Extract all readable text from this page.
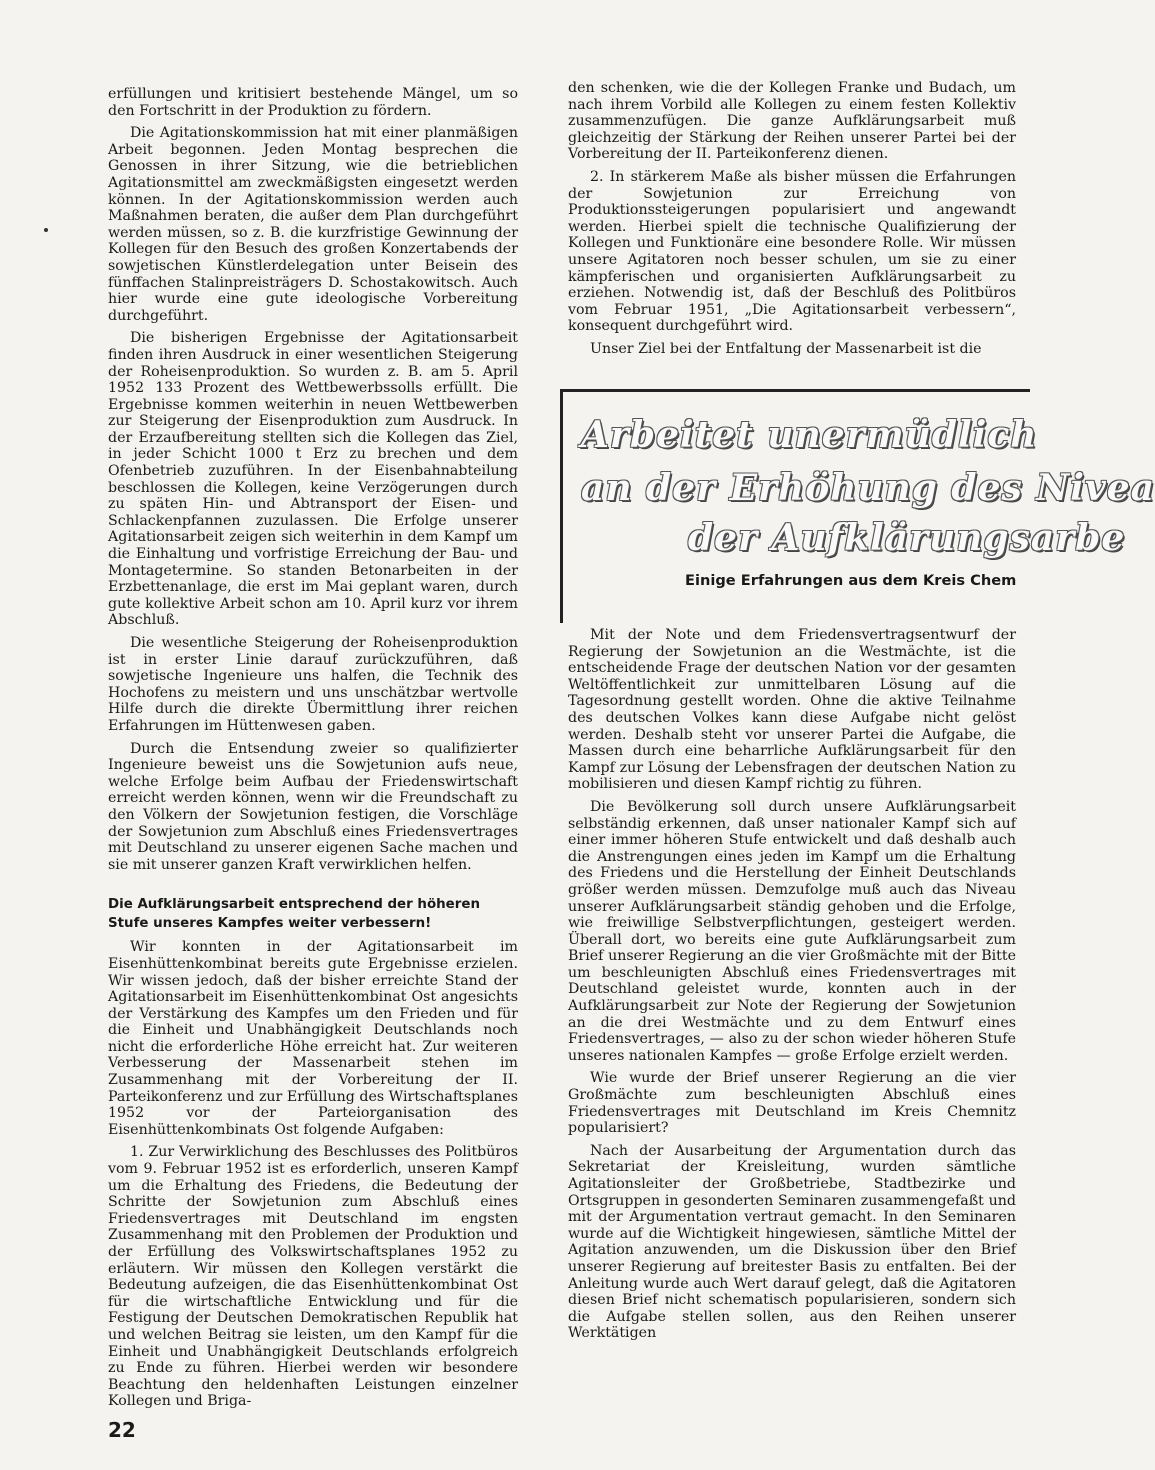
erfüllungen und kritisiert bestehende Mängel, um so den Fortschritt in der Produktion zu fördern.

Die Agitationskommission hat mit einer planmäßigen Arbeit begonnen. Jeden Montag besprechen die Genossen in ihrer Sitzung, wie die betrieblichen Agitationsmittel am zweckmäßigsten eingesetzt werden können. In der Agitationskommission werden auch Maßnahmen beraten, die außer dem Plan durchgeführt werden müssen, so z. B. die kurzfristige Gewinnung der Kollegen für den Besuch des großen Konzertabends der sowjetischen Künstlerdelegation unter Beisein des fünffachen Stalinpreisträgers D. Schostakowitsch. Auch hier wurde eine gute ideologische Vorbereitung durchgeführt.

Die bisherigen Ergebnisse der Agitationsarbeit finden ihren Ausdruck in einer wesentlichen Steigerung der Roheisenproduktion. So wurden z. B. am 5. April 1952 133 Prozent des Wettbewerbssolls erfüllt. Die Ergebnisse kommen weiterhin in neuen Wettbewerben zur Steigerung der Eisenproduktion zum Ausdruck. In der Erzaufbereitung stellten sich die Kollegen das Ziel, in jeder Schicht 1000 t Erz zu brechen und dem Ofenbetrieb zuzuführen. In der Eisenbahnabteilung beschlossen die Kollegen, keine Verzögerungen durch zu späten Hin- und Abtransport der Eisen- und Schlackenpfannen zuzulassen. Die Erfolge unserer Agitationsarbeit zeigen sich weiterhin in dem Kampf um die Einhaltung und vorfristige Erreichung der Bau- und Montagetermine. So standen Betonarbeiten in der Erzbettenanlage, die erst im Mai geplant waren, durch gute kollektive Arbeit schon am 10. April kurz vor ihrem Abschluß.

Die wesentliche Steigerung der Roheisenproduktion ist in erster Linie darauf zurückzuführen, daß sowjetische Ingenieure uns halfen, die Technik des Hochofens zu meistern und uns unschätzbar wertvolle Hilfe durch die direkte Übermittlung ihrer reichen Erfahrungen im Hüttenwesen gaben.

Durch die Entsendung zweier so qualifizierter Ingenieure beweist uns die Sowjetunion aufs neue, welche Erfolge beim Aufbau der Friedenswirtschaft erreicht werden können, wenn wir die Freundschaft zu den Völkern der Sowjetunion festigen, die Vorschläge der Sowjetunion zum Abschluß eines Friedensvertrages mit Deutschland zu unserer eigenen Sache machen und sie mit unserer ganzen Kraft verwirklichen helfen.

Die Aufklärungsarbeit entsprechend der höheren Stufe unseres Kampfes weiter verbessern!

Wir konnten in der Agitationsarbeit im Eisenhüttenkombinat bereits gute Ergebnisse erzielen. Wir wissen jedoch, daß der bisher erreichte Stand der Agitationsarbeit im Eisenhüttenkombinat Ost angesichts der Verstärkung des Kampfes um den Frieden und für die Einheit und Unabhängigkeit Deutschlands noch nicht die erforderliche Höhe erreicht hat. Zur weiteren Verbesserung der Massenarbeit stehen im Zusammenhang mit der Vorbereitung der II. Parteikonferenz und zur Erfüllung des Wirtschaftsplanes 1952 vor der Parteiorganisation des Eisenhüttenkombinats Ost folgende Aufgaben:

1. Zur Verwirklichung des Beschlusses des Politbüros vom 9. Februar 1952 ist es erforderlich, unseren Kampf um die Erhaltung des Friedens, die Bedeutung der Schritte der Sowjetunion zum Abschluß eines Friedensvertrages mit Deutschland im engsten Zusammenhang mit den Problemen der Produktion und der Erfüllung des Volkswirtschaftsplanes 1952 zu erläutern. Wir müssen den Kollegen verstärkt die Bedeutung aufzeigen, die das Eisenhüttenkombinat Ost für die wirtschaftliche Entwicklung und für die Festigung der Deutschen Demokratischen Republik hat und welchen Beitrag sie leisten, um den Kampf für die Einheit und Unabhängigkeit Deutschlands erfolgreich zu Ende zu führen. Hierbei werden wir besondere Beachtung den heldenhaften Leistungen einzelner Kollegen und Briga-

den schenken, wie die der Kollegen Franke und Budach, um nach ihrem Vorbild alle Kollegen zu einem festen Kollektiv zusammenzufügen. Die ganze Aufklärungsarbeit muß gleichzeitig der Stärkung der Reihen unserer Partei bei der Vorbereitung der II. Parteikonferenz dienen.

2. In stärkerem Maße als bisher müssen die Erfahrungen der Sowjetunion zur Erreichung von Produktionssteigerungen popularisiert und angewandt werden. Hierbei spielt die technische Qualifizierung der Kollegen und Funktionäre eine besondere Rolle. Wir müssen unsere Agitatoren noch besser schulen, um sie zu einer kämpferischen und organisierten Aufklärungsarbeit zu erziehen. Notwendig ist, daß der Beschluß des Politbüros vom Februar 1951, „Die Agitationsarbeit verbessern“, konsequent durchgeführt wird.

Unser Ziel bei der Entfaltung der Massenarbeit ist die

Arbeitet unermüdlich
an der Erhöhung des Nivea
der Aufklärungsarbe
Einige Erfahrungen aus dem Kreis Chem

Mit der Note und dem Friedensvertragsentwurf der Regierung der Sowjetunion an die Westmächte, ist die entscheidende Frage der deutschen Nation vor der gesamten Weltöffentlichkeit zur unmittelbaren Lösung auf die Tagesordnung gestellt worden. Ohne die aktive Teilnahme des deutschen Volkes kann diese Aufgabe nicht gelöst werden. Deshalb steht vor unserer Partei die Aufgabe, die Massen durch eine beharrliche Aufklärungsarbeit für den Kampf zur Lösung der Lebensfragen der deutschen Nation zu mobilisieren und diesen Kampf richtig zu führen.

Die Bevölkerung soll durch unsere Aufklärungsarbeit selbständig erkennen, daß unser nationaler Kampf sich auf einer immer höheren Stufe entwickelt und daß deshalb auch die Anstrengungen eines jeden im Kampf um die Erhaltung des Friedens und die Herstellung der Einheit Deutschlands größer werden müssen. Demzufolge muß auch das Niveau unserer Aufklärungsarbeit ständig gehoben und die Erfolge, wie freiwillige Selbstverpflichtungen, gesteigert werden. Überall dort, wo bereits eine gute Aufklärungsarbeit zum Brief unserer Regierung an die vier Großmächte mit der Bitte um beschleunigten Abschluß eines Friedensvertrages mit Deutschland geleistet wurde, konnten auch in der Aufklärungsarbeit zur Note der Regierung der Sowjetunion an die drei Westmächte und zu dem Entwurf eines Friedensvertrages, — also zu der schon wieder höheren Stufe unseres nationalen Kampfes — große Erfolge erzielt werden.

Wie wurde der Brief unserer Regierung an die vier Großmächte zum beschleunigten Abschluß eines Friedensvertrages mit Deutschland im Kreis Chemnitz popularisiert?

Nach der Ausarbeitung der Argumentation durch das Sekretariat der Kreisleitung, wurden sämtliche Agitationsleiter der Großbetriebe, Stadtbezirke und Ortsgruppen in gesonderten Seminaren zusammengefaßt und mit der Argumentation vertraut gemacht. In den Seminaren wurde auf die Wichtigkeit hingewiesen, sämtliche Mittel der Agitation anzuwenden, um die Diskussion über den Brief unserer Regierung auf breitester Basis zu entfalten. Bei der Anleitung wurde auch Wert darauf gelegt, daß die Agitatoren diesen Brief nicht schematisch popularisieren, sondern sich die Aufgabe stellen sollen, aus den Reihen unserer Werktätigen

22
